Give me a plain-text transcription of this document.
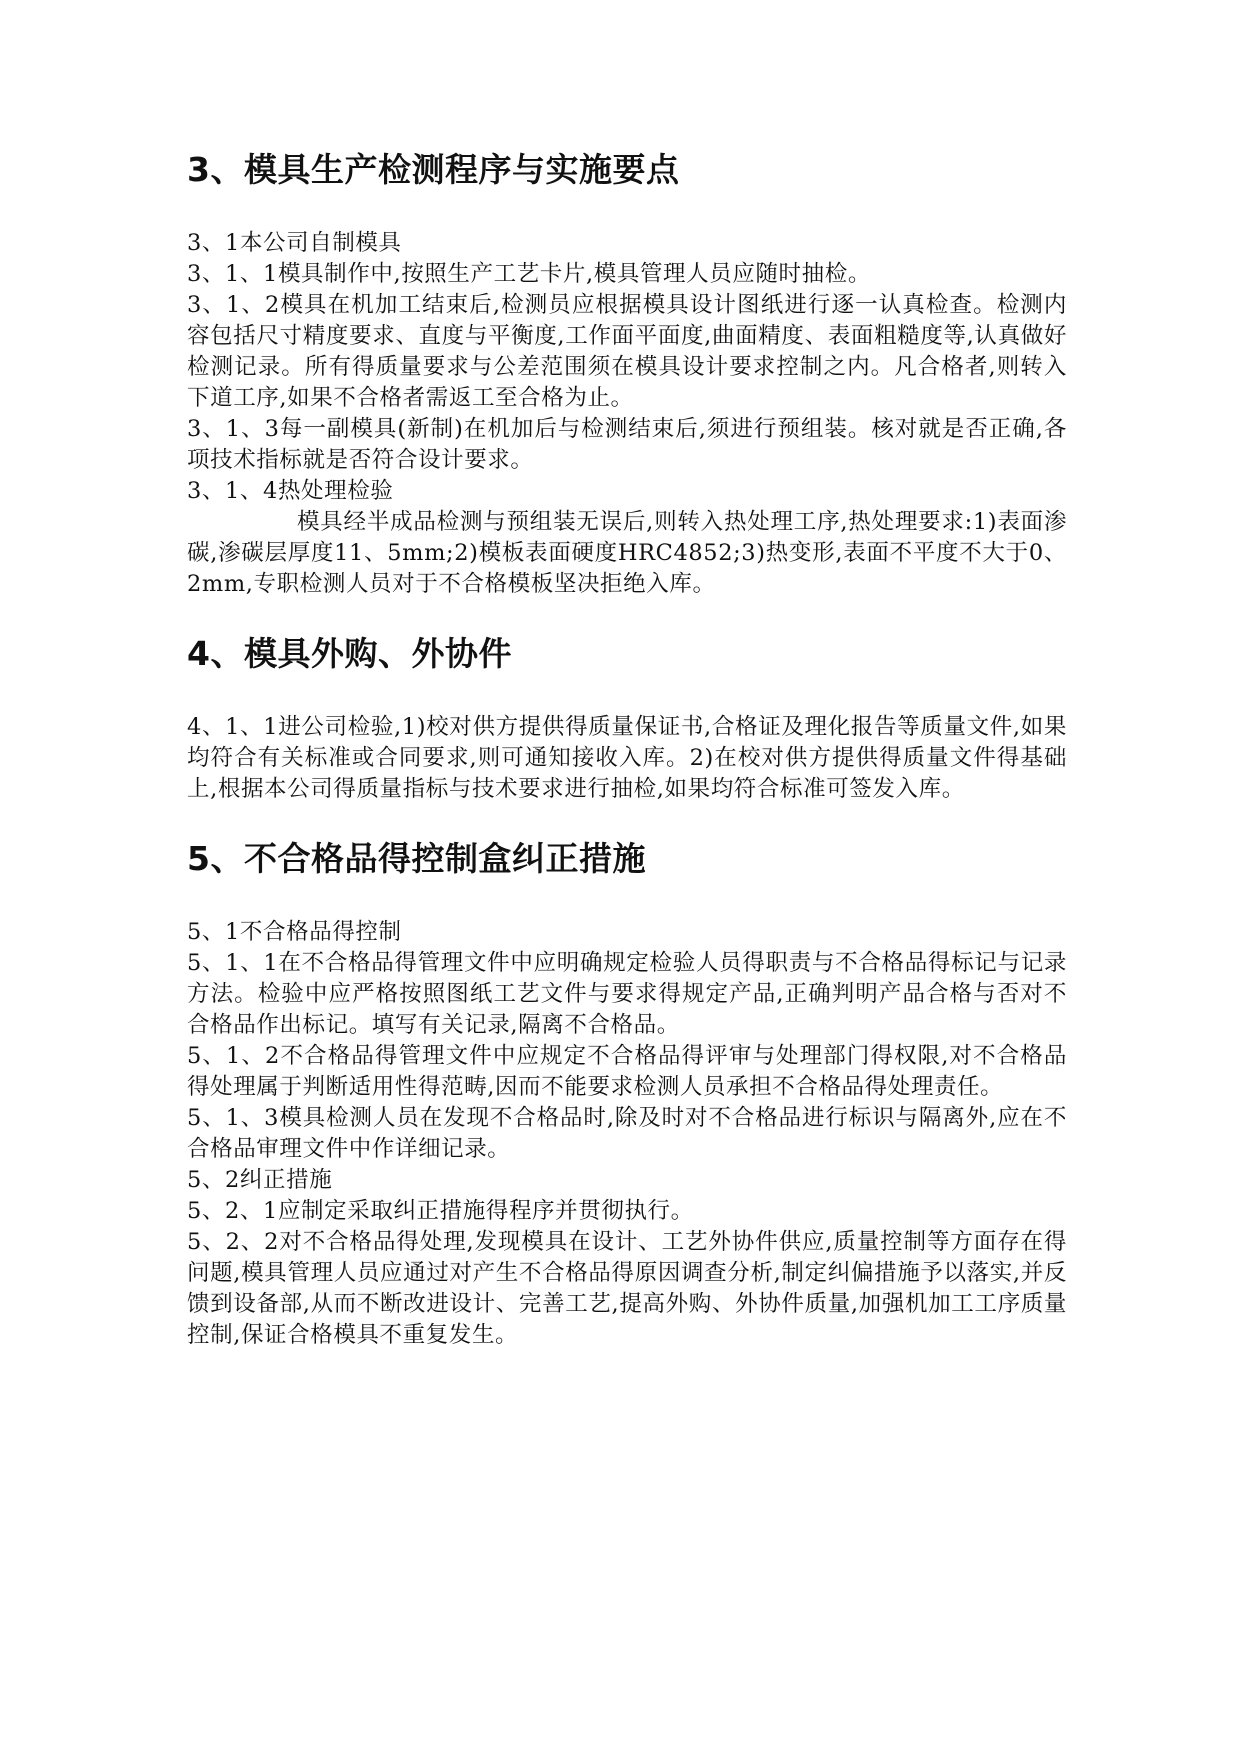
3、模具生产检测程序与实施要点

3、1本公司自制模具

3、1、1模具制作中,按照生产工艺卡片,模具管理人员应随时抽检。

3、1、2模具在机加工结束后,检测员应根据模具设计图纸进行逐一认真检查。检测内容包括尺寸精度要求、直度与平衡度,工作面平面度,曲面精度、表面粗糙度等,认真做好检测记录。所有得质量要求与公差范围须在模具设计要求控制之内。凡合格者,则转入下道工序,如果不合格者需返工至合格为止。

3、1、3每一副模具(新制)在机加后与检测结束后,须进行预组装。核对就是否正确,各项技术指标就是否符合设计要求。

3、1、4热处理检验

模具经半成品检测与预组装无误后,则转入热处理工序,热处理要求:1)表面渗 碳,渗碳层厚度11、5mm;2)模板表面硬度HRC4852;3)热变形,表面不平度不大于0、2mm,专职检测人员对于不合格模板坚决拒绝入库。

4、模具外购、外协件

4、1、1进公司检验,1)校对供方提供得质量保证书,合格证及理化报告等质量文件,如果均符合有关标准或合同要求,则可通知接收入库。2)在校对供方提供得质量文件得基础上,根据本公司得质量指标与技术要求进行抽检,如果均符合标准可签发入库。

5、不合格品得控制盒纠正措施

5、1不合格品得控制

5、1、1在不合格品得管理文件中应明确规定检验人员得职责与不合格品得标记与记录方法。检验中应严格按照图纸工艺文件与要求得规定产品,正确判明产品合格与否对不合格品作出标记。填写有关记录,隔离不合格品。

5、1、2不合格品得管理文件中应规定不合格品得评审与处理部门得权限,对不合格品得处理属于判断适用性得范畴,因而不能要求检测人员承担不合格品得处理责任。

5、1、3模具检测人员在发现不合格品时,除及时对不合格品进行标识与隔离外,应在不合格品审理文件中作详细记录。

5、2纠正措施

5、2、1应制定采取纠正措施得程序并贯彻执行。

5、2、2对不合格品得处理,发现模具在设计、工艺外协件供应,质量控制等方面存在得问题,模具管理人员应通过对产生不合格品得原因调查分析,制定纠偏措施予以落实,并反馈到设备部,从而不断改进设计、完善工艺,提高外购、外协件质量,加强机加工工序质量控制,保证合格模具不重复发生。
